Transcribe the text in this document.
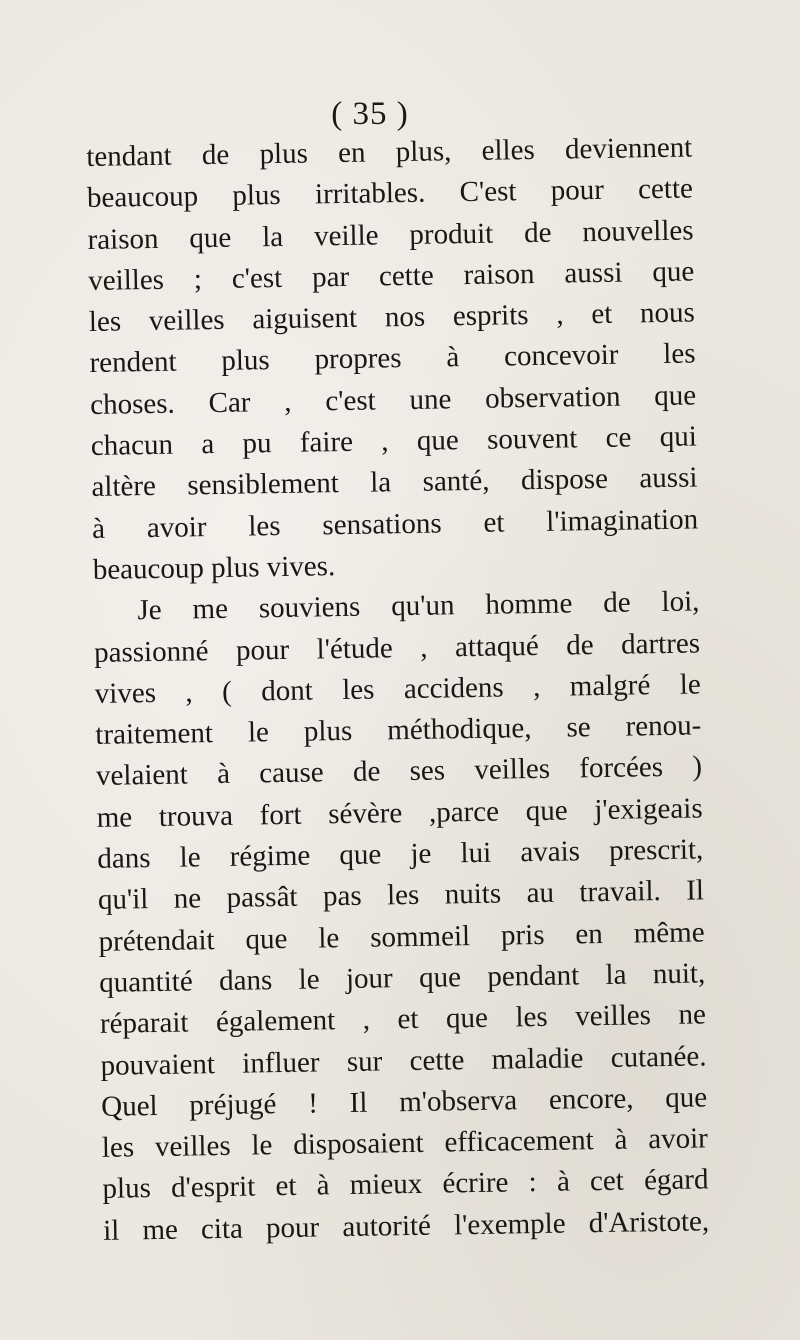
( 35 )
tendant de plus en plus, elles deviennent
beaucoup plus irritables. C'est pour cette
raison que la veille produit de nouvelles
veilles ; c'est par cette raison aussi que
les veilles aiguisent nos esprits , et nous
rendent plus propres à concevoir les
choses. Car , c'est une observation que
chacun a pu faire , que souvent ce qui
altère sensiblement la santé, dispose aussi
à avoir les sensations et l'imagination
beaucoup plus vives.
Je me souviens qu'un homme de loi,
passionné pour l'étude , attaqué de dartres
vives , ( dont les accidens , malgré le
traitement le plus méthodique, se renou-
velaient à cause de ses veilles forcées )
me trouva fort sévère ,parce que j'exigeais
dans le régime que je lui avais prescrit,
qu'il ne passât pas les nuits au travail. Il
prétendait que le sommeil pris en même
quantité dans le jour que pendant la nuit,
réparait également , et que les veilles ne
pouvaient influer sur cette maladie cutanée.
Quel préjugé ! Il m'observa encore, que
les veilles le disposaient efficacement à avoir
plus d'esprit et à mieux écrire : à cet égard
il me cita pour autorité l'exemple d'Aristote,
